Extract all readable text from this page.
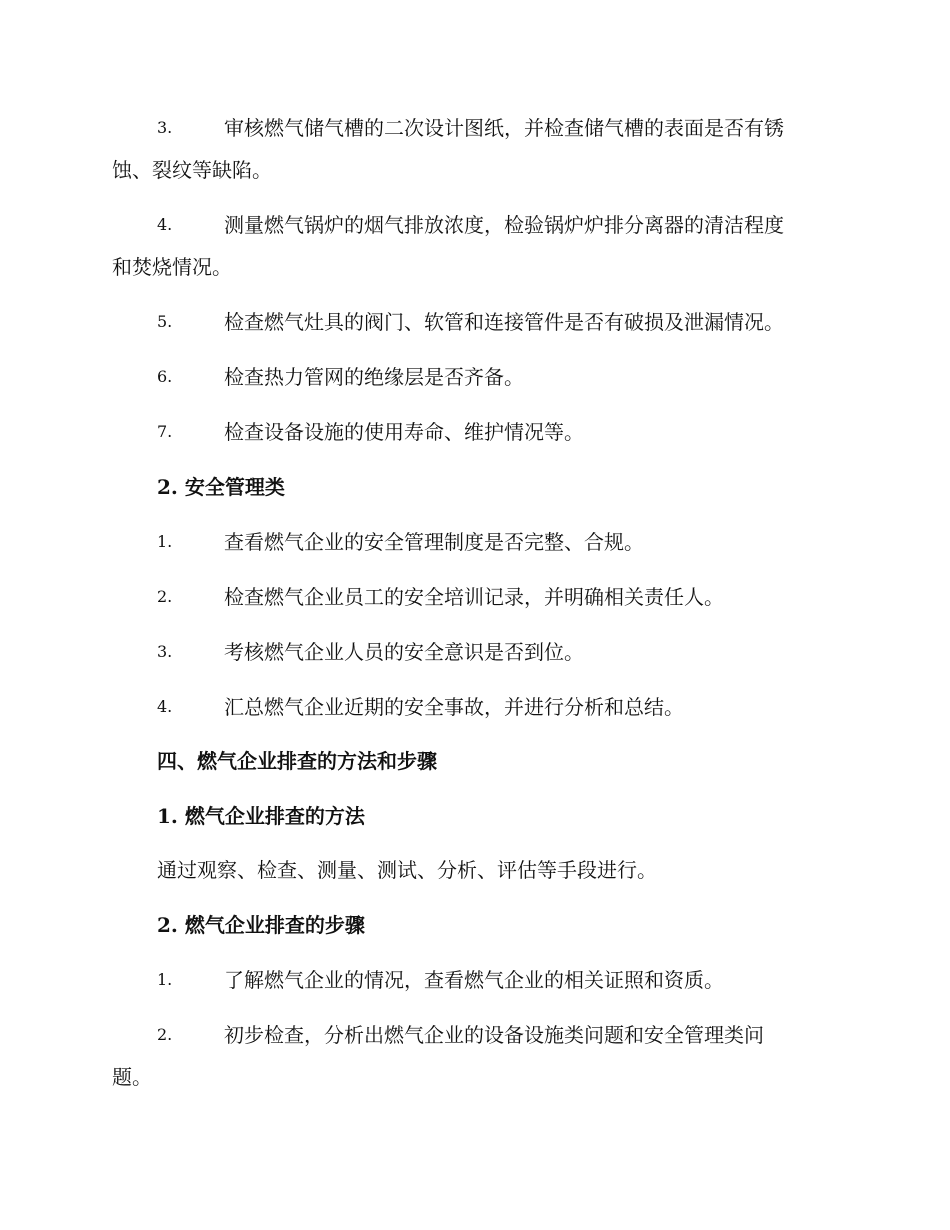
3.	审核燃气储气槽的二次设计图纸，并检查储气槽的表面是否有锈
蚀、裂纹等缺陷。
4.	测量燃气锅炉的烟气排放浓度，检验锅炉炉排分离器的清洁程度
和焚烧情况。
5.	检查燃气灶具的阀门、软管和连接管件是否有破损及泄漏情况。
6.	检查热力管网的绝缘层是否齐备。
7.	检查设备设施的使用寿命、维护情况等。
2. 安全管理类
1.	查看燃气企业的安全管理制度是否完整、合规。
2.	检查燃气企业员工的安全培训记录，并明确相关责任人。
3.	考核燃气企业人员的安全意识是否到位。
4.	汇总燃气企业近期的安全事故，并进行分析和总结。
四、燃气企业排查的方法和步骤
1. 燃气企业排查的方法
通过观察、检查、测量、测试、分析、评估等手段进行。
2. 燃气企业排查的步骤
1.	了解燃气企业的情况，查看燃气企业的相关证照和资质。
2.	初步检查，分析出燃气企业的设备设施类问题和安全管理类问
题。
